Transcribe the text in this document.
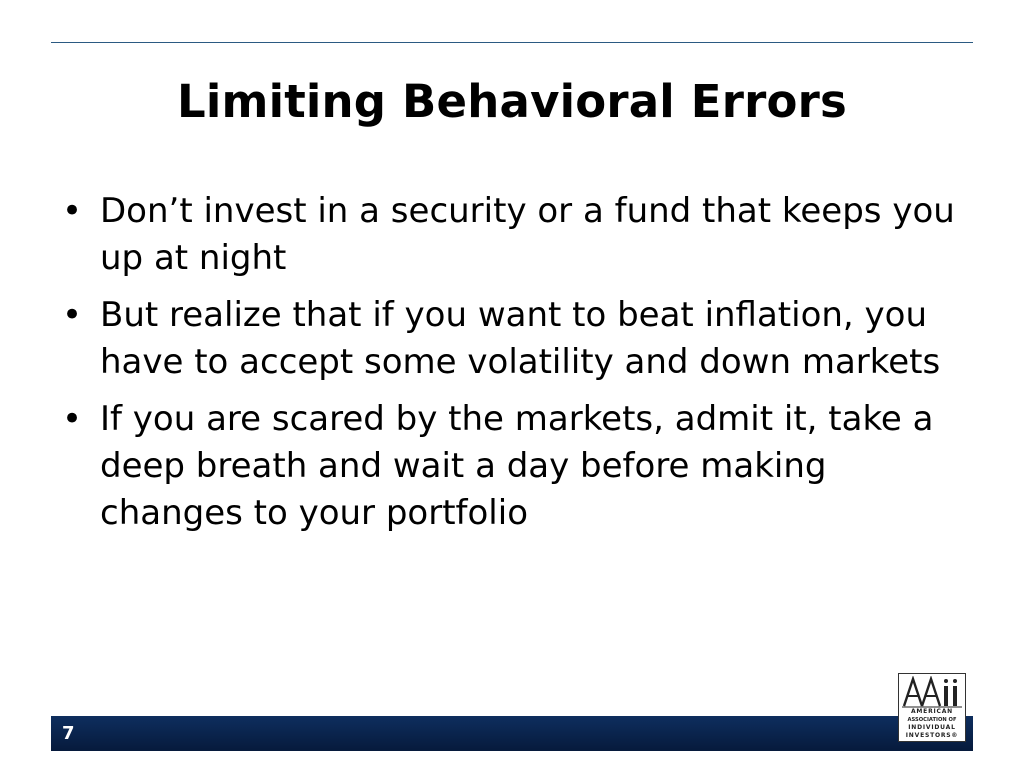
Limiting Behavioral Errors
• Don’t invest in a security or a fund that keeps you up at night
• But realize that if you want to beat inflation, you have to accept some volatility and down markets
• If you are scared by the markets, admit it, take a deep breath and wait a day before making changes to your portfolio
7
AMERICAN
ASSOCIATION OF
INDIVIDUAL
INVESTORS®
